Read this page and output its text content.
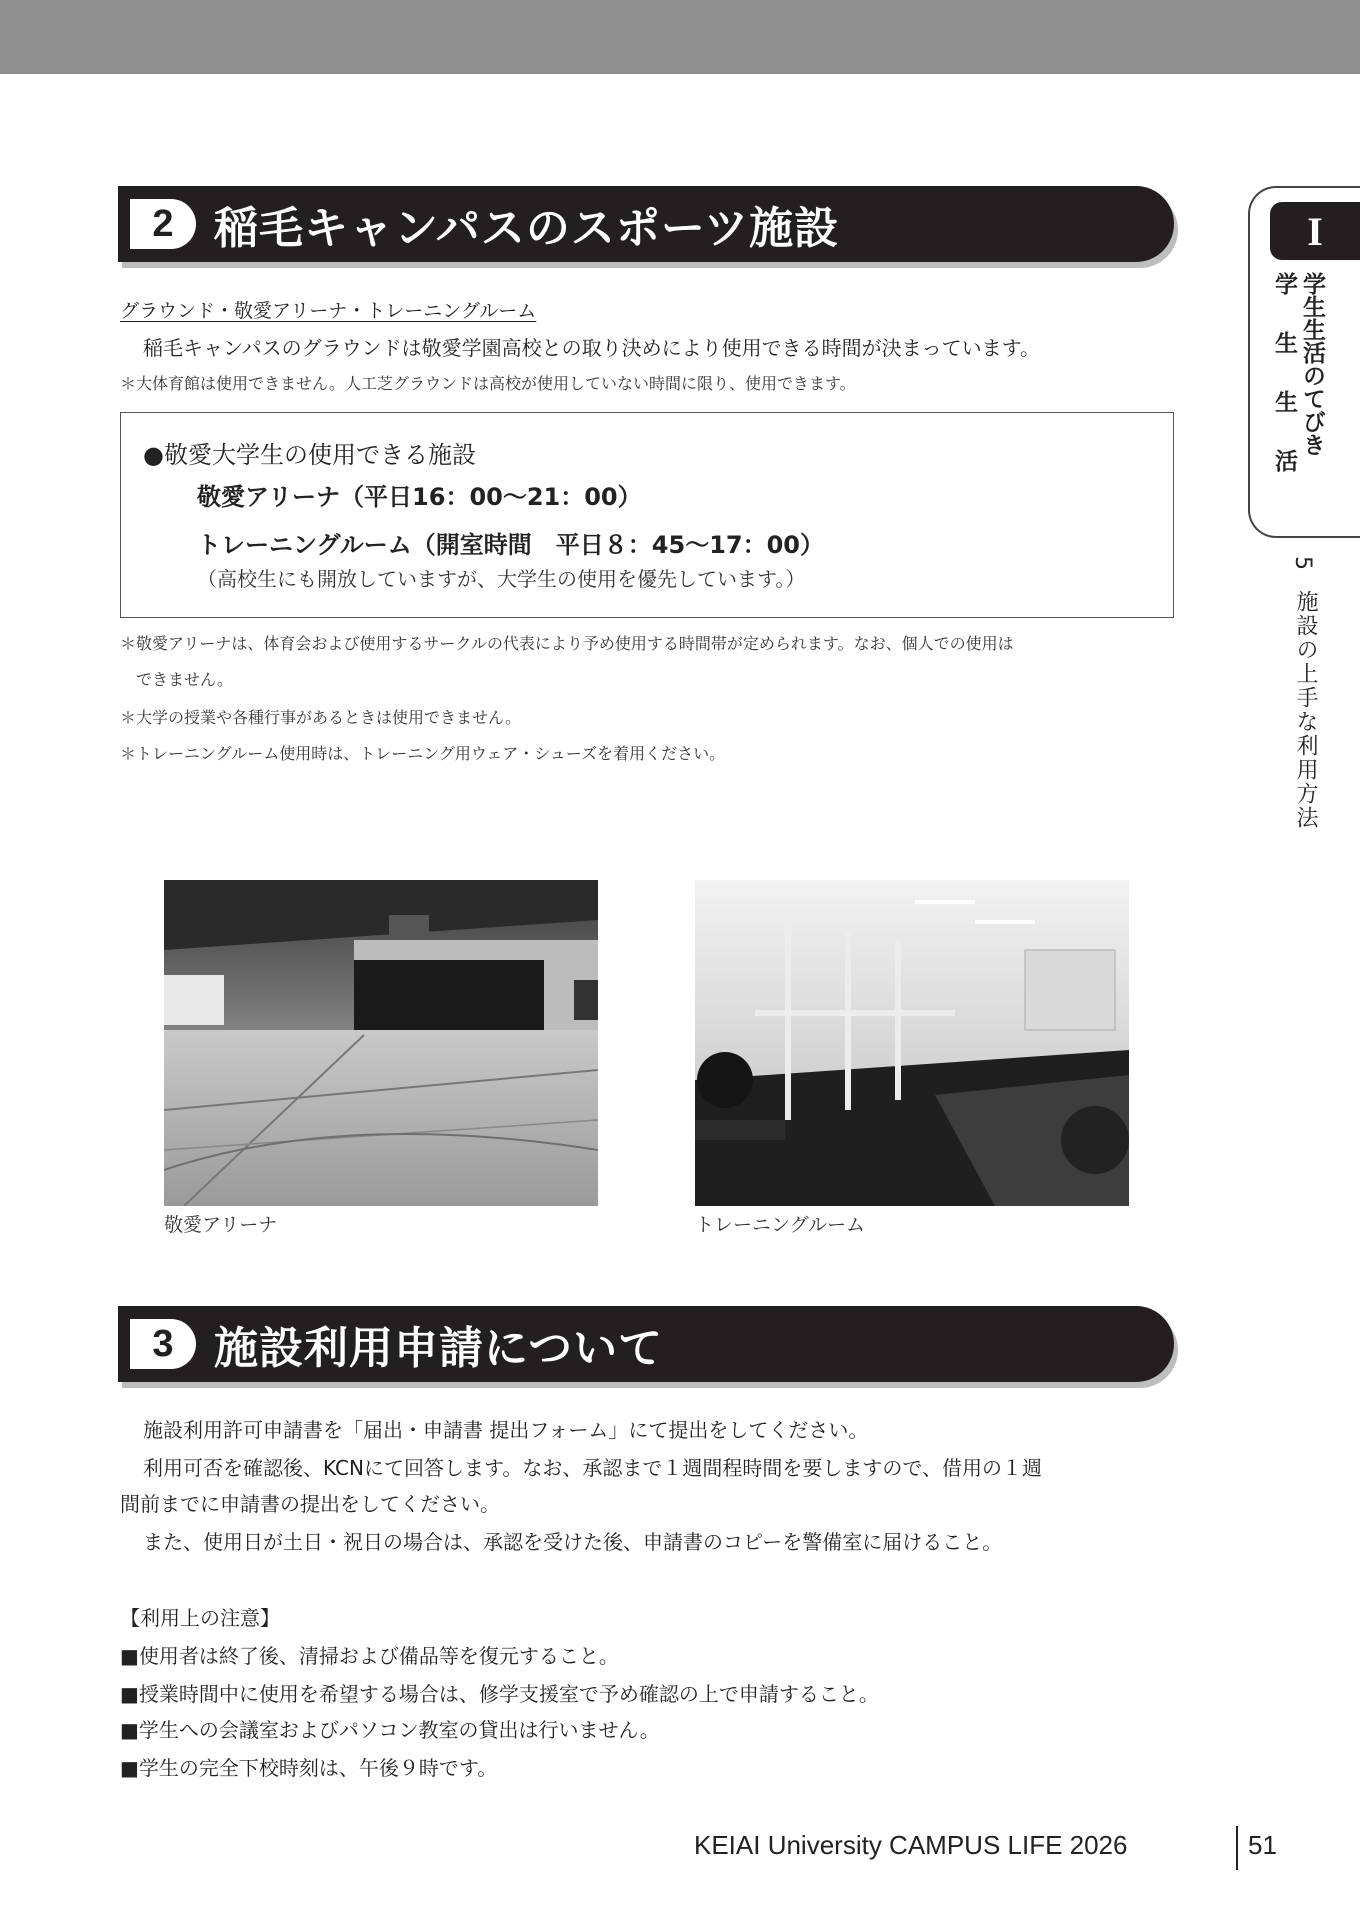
2 稲毛キャンパスのスポーツ施設
グラウンド・敬愛アリーナ・トレーニングルーム
稲毛キャンパスのグラウンドは敬愛学園高校との取り決めにより使用できる時間が決まっています。
＊大体育館は使用できません。人工芝グラウンドは高校が使用していない時間に限り、使用できます。
●敬愛大学生の使用できる施設
敬愛アリーナ（平日16：00〜21：00）
トレーニングルーム（開室時間　平日８：45〜17：00）
（高校生にも開放していますが、大学生の使用を優先しています。）
＊敬愛アリーナは、体育会および使用するサークルの代表により予め使用する時間帯が定められます。なお、個人での使用は
　できません。
＊大学の授業や各種行事があるときは使用できません。
＊トレーニングルーム使用時は、トレーニング用ウェア・シューズを着用ください。
敬愛アリーナ	トレーニングルーム
3 施設利用申請について
施設利用許可申請書を「届出・申請書 提出フォーム」にて提出をしてください。
利用可否を確認後、KCNにて回答します。なお、承認まで１週間程時間を要しますので、借用の１週
間前までに申請書の提出をしてください。
また、使用日が土日・祝日の場合は、承認を受けた後、申請書のコピーを警備室に届けること。
【利用上の注意】
■使用者は終了後、清掃および備品等を復元すること。
■授業時間中に使用を希望する場合は、修学支援室で予め確認の上で申請すること。
■学生への会議室およびパソコン教室の貸出は行いません。
■学生の完全下校時刻は、午後９時です。
I
学生生活のてびき
学生生活
5
施設の上手な利用方法
KEIAI University CAMPUS LIFE 2026	51
